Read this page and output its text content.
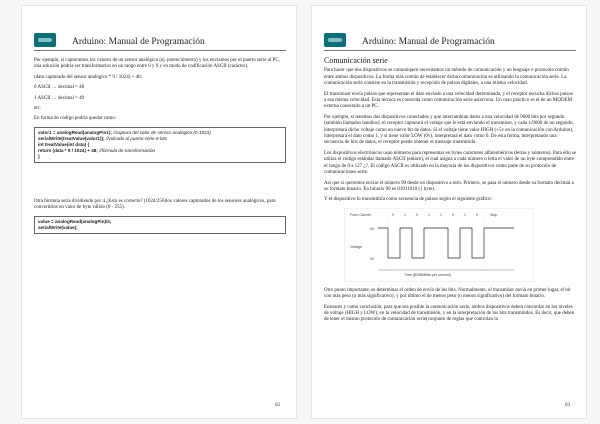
Arduino: Manual de Programación

Por ejemplo, si capturamos los valores de un sensor analógico (ej. potenciómetro) y los enviamos por el puerto serie al PC, una solución podría ser transformarlos en un rango entre 0 y 9 y en modo de codificación ASCII (carácter).

(dato capturado del sensor analógico * 9 / 1024) + 48;

0 ASCII → decimal = 48

1 ASCII → decimal = 49

etc.

En forma de código podría quedar como:

valor1 = analogRead(analogPin1); //captura del valor de sensor analógico (0-1023)
serialWrite(treatValue(valor1)); //volcado al puerto serie 8-bits
int treatValue(int data) {
return (data * 9 / 1024) + 48; //fórmula de transformación
}

Otra fórmula sería dividiendo por 4 ¿Esto es correcto? (1024/256)los valores capturados de los sensores analógicos, para convertirlos en valor de byte válido (0 - 255).

value = analogRead(analogPin)/4;
serialWrite(value);
62
Arduino: Manual de Programación
Comunicación serie

Para hacer que dos dispositivos se comuniquen necesitamos un método de comunicación y un lenguaje o protocolo común entre ambos dispositivos. La forma más común de establecer dicha comunicación es utilizando la comunicación serie. La comunicación serie consiste en la transmisión y recepción de pulsos digitales, a una misma velocidad.

El transmisor envía pulsos que representan el dato enviado a una velocidad determinada, y el receptor escucha dichos pulsos a esa misma velocidad. Esta técnica es conocida como comunicación serie asíncrona. Un caso práctico es el de un MODEM externo conectado a un PC.

Por ejemplo, si tenemos dos dispositivos conectados y que intercambian datos a una velocidad de 9600 bits por segundo (también llamados baudios), el receptor capturará el voltaje que le está enviando el transmisor, y cada 1/9600 de un segundo, interpretará dicho voltaje como un nuevo bit de datos. Si el voltaje tiene valor HIGH (+5v en la comunicación con Arduino), interpretará el dato como 1, y si tiene valor LOW (0v), interpretará el dato como 0. De esta forma, interpretando una secuencia de bits de datos, el receptor puede obtener el mensaje transmitido.

Los dispositivos electrónicos usan números para representar en bytes caracteres alfanuméricos (letras y números). Para ello se utiliza el código estándar llamado ASCII (enlace), el cual asigna a cada número o letra el valor de un byte comprendido entre el rango de 0 a 127 ¿?. El código ASCII es utilizado en la mayoría de los dispositivos como parte de su protocolo de comunicaciones serie.

Así que si queremos enviar el número 90 desde un dispositivo a otro. Primero, se pasa el número desde su formato decimal a su formato binario. En binario 90 es 01011010 (1 byte).

Y el dispositivo lo transmitiría como secuencia de pulsos según el siguiente gráfico:

Form Gavrite	9	1	0	1	1	0	1	0	Stop
Voltage
5V
0V
Time (BEBBBbts per second)

Otro punto importante, es determinar el orden de envío de los bits. Normalmente, el transmisor envía en primer lugar, el bit con más peso (o más significativo), y por último el de menos peso (o menos significativo) del formato binario.

Entonces y como conclusión, para que sea posible la comunicación serie, ambos dispositivos deben concordar en los niveles de voltaje (HIGH y LOW), en la velocidad de transmisión, y en la interpretación de los bits transmitidos. Es decir, que deben de tener el mismo protocolo de comunicación serie(conjunto de reglas que controlan la

63
